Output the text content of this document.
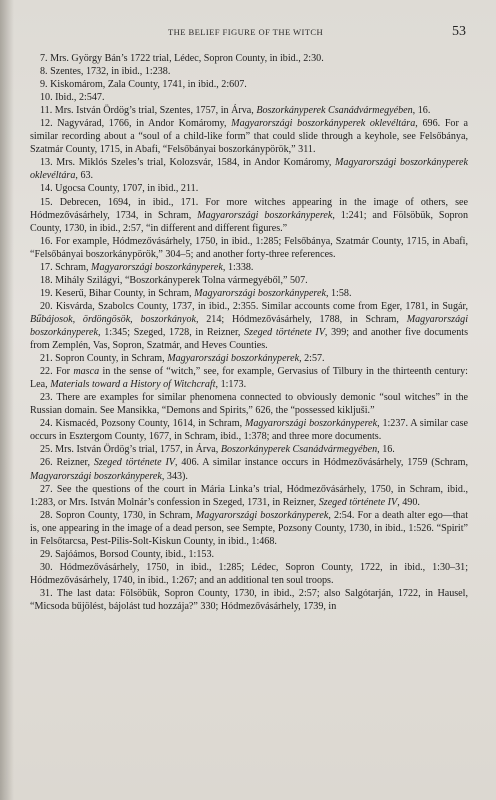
THE BELIEF FIGURE OF THE WITCH	53

7. Mrs. György Bán’s 1722 trial, Lédec, Sopron County, in ibid., 2:30.

8. Szentes, 1732, in ibid., 1:238.

9. Kiskomárom, Zala County, 1741, in ibid., 2:607.

10. Ibid., 2:547.

11. Mrs. István Ördög’s trial, Szentes, 1757, in Árva, Boszorkányperek Csanádvármegyében, 16.

12. Nagyvárad, 1766, in Andor Komáromy, Magyarországi boszorkányperek oklevéltára, 696. For a similar recording about a “soul of a child-like form” that could slide through a keyhole, see Felsőbánya, Szatmár County, 1715, in Abafi, “Felsőbányai boszorkánypörök,” 311.

13. Mrs. Miklós Szeles’s trial, Kolozsvár, 1584, in Andor Komáromy, Magyarországi boszorkányperek oklevéltára, 63.

14. Ugocsa County, 1707, in ibid., 211.

15. Debrecen, 1694, in ibid., 171. For more witches appearing in the image of others, see Hódmezővásárhely, 1734, in Schram, Magyarországi boszorkányperek, 1:241; and Fölsöbük, Sopron County, 1730, in ibid., 2:57, “in different and different figures.”

16. For example, Hódmezővásárhely, 1750, in ibid., 1:285; Felsőbánya, Szatmár County, 1715, in Abafi, “Felsőbányai boszorkánypörök,” 304–5; and another forty-three references.

17. Schram, Magyarországi boszorkányperek, 1:338.

18. Mihály Szilágyi, “Boszorkányperek Tolna vármegyéből,” 507.

19. Keserű, Bihar County, in Schram, Magyarországi boszorkányperek, 1:58.

20. Kisvárda, Szabolcs County, 1737, in ibid., 2:355. Similar accounts come from Eger, 1781, in Sugár, Bűbájosok, ördöngösök, boszorkányok, 214; Hódmezővásárhely, 1788, in Schram, Magyarországi boszorkányperek, 1:345; Szeged, 1728, in Reizner, Szeged története IV, 399; and another five documents from Zemplén, Vas, Sopron, Szatmár, and Heves Counties.

21. Sopron County, in Schram, Magyarországi boszorkányperek, 2:57.

22. For masca in the sense of “witch,” see, for example, Gervasius of Tilbury in the thirteenth century: Lea, Materials toward a History of Witchcraft, 1:173.

23. There are examples for similar phenomena connected to obviously demonic “soul witches” in the Russian domain. See Mansikka, “Demons and Spirits,” 626, the “possessed kikljuši.”

24. Kismacéd, Pozsony County, 1614, in Schram, Magyarországi boszorkányperek, 1:237. A similar case occurs in Esztergom County, 1677, in Schram, ibid., 1:378; and three more documents.

25. Mrs. István Ördög’s trial, 1757, in Árva, Boszorkányperek Csanádvármegyében, 16.

26. Reizner, Szeged története IV, 406. A similar instance occurs in Hódmezővásárhely, 1759 (Schram, Magyarországi boszorkányperek, 343).

27. See the questions of the court in Mária Linka’s trial, Hódmezővásárhely, 1750, in Schram, ibid., 1:283, or Mrs. István Molnár’s confession in Szeged, 1731, in Reizner, Szeged története IV, 490.

28. Sopron County, 1730, in Schram, Magyarországi boszorkányperek, 2:54. For a death alter ego—that is, one appearing in the image of a dead person, see Sempte, Pozsony County, 1730, in ibid., 1:526. “Spirit” in Felsőtarcsa, Pest-Pilis-Solt-Kiskun County, in ibid., 1:468.

29. Sajóámos, Borsod County, ibid., 1:153.

30. Hódmezővásárhely, 1750, in ibid., 1:285; Lédec, Sopron County, 1722, in ibid., 1:30–31; Hódmezővásárhely, 1740, in ibid., 1:267; and an additional ten soul troops.

31. The last data: Fölsöbük, Sopron County, 1730, in ibid., 2:57; also Salgótarján, 1722, in Hausel, “Micsoda bűjölést, bájolást tud hozzája?” 330; Hódmezővásárhely, 1739, in
